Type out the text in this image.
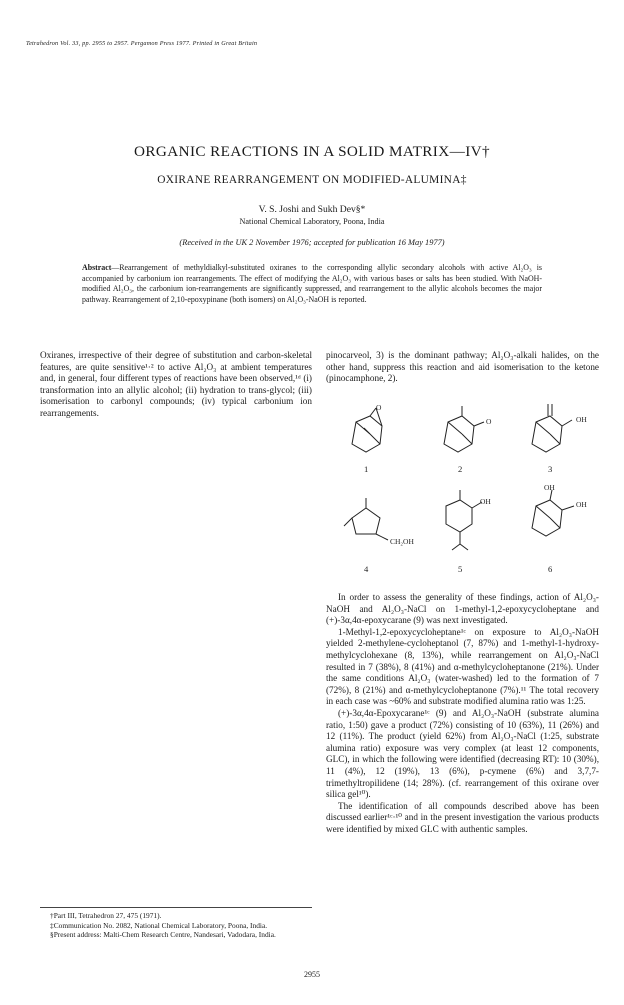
Tetrahedron Vol. 33, pp. 2955 to 2957. Pergamon Press 1977. Printed in Great Britain
ORGANIC REACTIONS IN A SOLID MATRIX—IV†
OXIRANE REARRANGEMENT ON MODIFIED-ALUMINA‡
V. S. Joshi and Sukh Dev§*
National Chemical Laboratory, Poona, India
(Received in the UK 2 November 1976; accepted for publication 16 May 1977)
Abstract—Rearrangement of methyldialkyl-substituted oxiranes to the corresponding allylic secondary alcohols with active Al₂O₃ is accompanied by carbonium ion rearrangements. The effect of modifying the Al₂O₃ with various bases or salts has been studied. With NaOH-modified Al₂O₃, the carbonium ion-rearrangements are significantly suppressed, and rearrangement to the allylic alcohols becomes the major pathway. Rearrangement of 2,10-epoxypinane (both isomers) on Al₂O₃-NaOH is reported.

Oxiranes, irrespective of their degree of substitution and carbon-skeletal features, are quite sensitive¹·² to active Al₂O₃ at ambient temperatures and, in general, four different types of reactions have been observed,¹ᵈ (i) transformation into an allylic alcohol; (ii) hydration to trans-glycol; (iii) isomerisation to carbonyl compounds; (iv) typical carbonium ion rearrangements.

pinocarveol, 3) is the dominant pathway; Al₂O₃-alkali halides, on the other hand, suppress this reaction and aid isomerisation to the ketone (pinocamphone, 2).

O
O	OH
CH₂OH
OH
OH
OH
1	2	3
4	5	6

In order to assess the generality of these findings, action of Al₂O₃-NaOH and Al₂O₃-NaCl on 1-methyl-1,2-epoxycycloheptane and (+)-3α,4α-epoxycarane (9) was next investigated.

1-Methyl-1,2-epoxycycloheptane¹ᶜ on exposure to Al₂O₃-NaOH yielded 2-methylene-cycloheptanol (7, 87%) and 1-methyl-1-hydroxy-methylcyclohexane (8, 13%), while rearrangement on Al₂O₃-NaCl resulted in 7 (38%), 8 (41%) and α-methylcycloheptanone (21%). Under the same conditions Al₂O₃ (water-washed) led to the formation of 7 (72%), 8 (21%) and α-methylcycloheptanone (7%).¹¹ The total recovery in each case was ~60% and substrate modified alumina ratio was 1:25.

(+)-3α,4α-Epoxycarane¹ᶜ (9) and Al₂O₃-NaOH (substrate alumina ratio, 1:50) gave a product (72%) consisting of 10 (63%), 11 (26%) and 12 (11%). The product (yield 62%) from Al₂O₃-NaCl (1:25, substrate alumina ratio) exposure was very complex (at least 12 components, GLC), in which the following were identified (decreasing RT): 10 (30%), 11 (4%), 12 (19%), 13 (6%), p-cymene (6%) and 3,7,7-trimethyltropilidene (14; 28%). (cf. rearrangement of this oxirane over silica gel¹⁰).

The identification of all compounds described above has been discussed earlier¹ᶜ·¹⁰ and in the present investigation the various products were identified by mixed GLC with authentic samples.

†Part III, Tetrahedron 27, 475 (1971).
‡Communication No. 2082, National Chemical Laboratory, Poona, India.
§Present address: Malti-Chem Research Centre, Nandesari, Vadodara, India.
2955
